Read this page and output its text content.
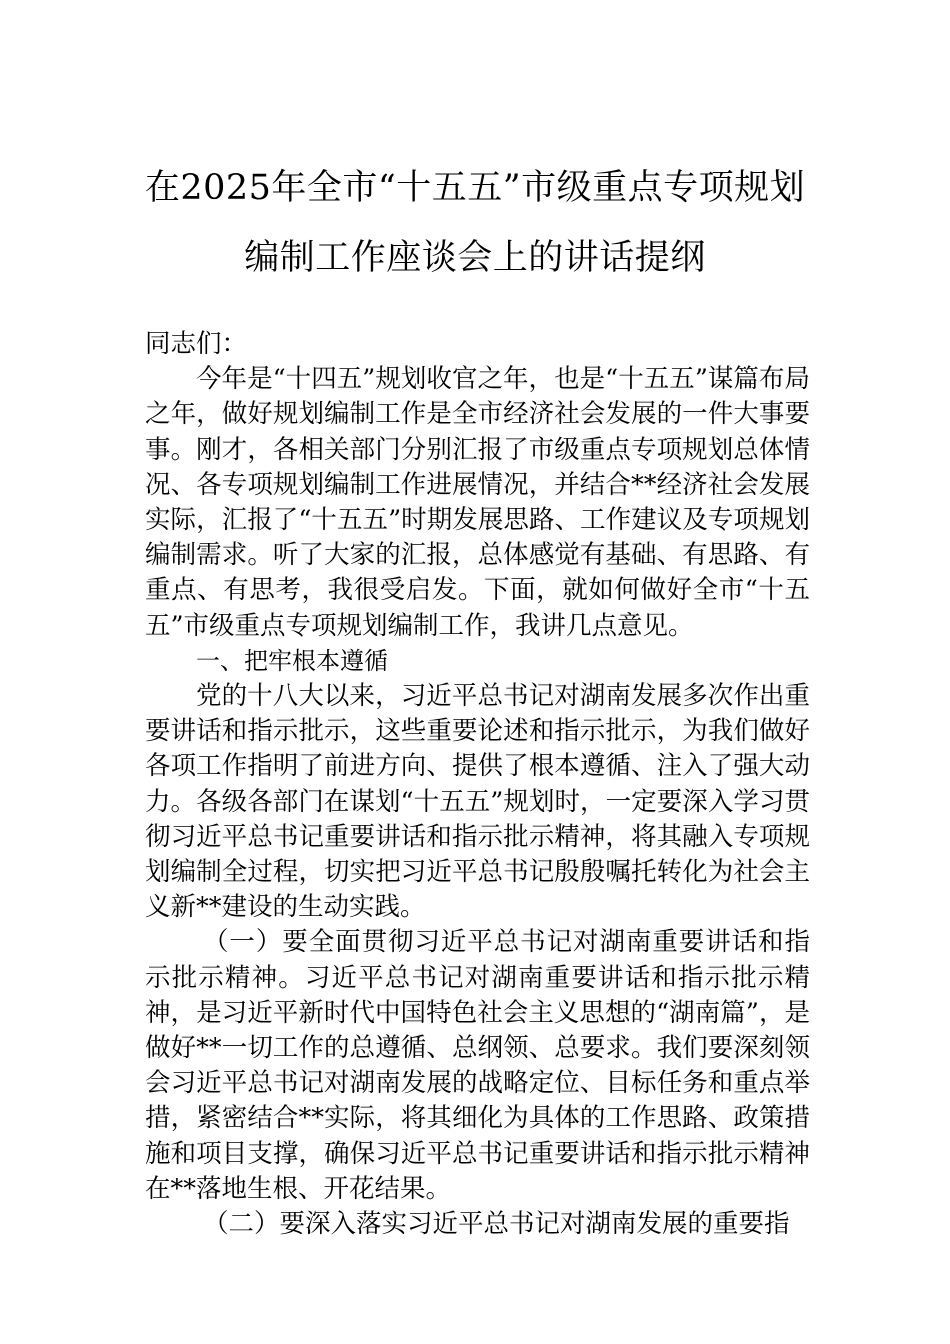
在2025年全市“十五五”市级重点专项规划
编制工作座谈会上的讲话提纲

同志们：

今年是“十四五”规划收官之年，也是“十五五”谋篇布局之年，做好规划编制工作是全市经济社会发展的一件大事要事。刚才，各相关部门分别汇报了市级重点专项规划总体情况、各专项规划编制工作进展情况，并结合**经济社会发展实际，汇报了“十五五”时期发展思路、工作建议及专项规划编制需求。听了大家的汇报，总体感觉有基础、有思路、有重点、有思考，我很受启发。下面，就如何做好全市“十五五”市级重点专项规划编制工作，我讲几点意见。

一、把牢根本遵循

党的十八大以来，习近平总书记对湖南发展多次作出重要讲话和指示批示，这些重要论述和指示批示，为我们做好各项工作指明了前进方向、提供了根本遵循、注入了强大动力。各级各部门在谋划“十五五”规划时，一定要深入学习贯彻习近平总书记重要讲话和指示批示精神，将其融入专项规划编制全过程，切实把习近平总书记殷殷嘱托转化为社会主义新**建设的生动实践。

（一）要全面贯彻习近平总书记对湖南重要讲话和指示批示精神。习近平总书记对湖南重要讲话和指示批示精神，是习近平新时代中国特色社会主义思想的“湖南篇”，是做好**一切工作的总遵循、总纲领、总要求。我们要深刻领会习近平总书记对湖南发展的战略定位、目标任务和重点举措，紧密结合**实际，将其细化为具体的工作思路、政策措施和项目支撑，确保习近平总书记重要讲话和指示批示精神在**落地生根、开花结果。

（二）要深入落实习近平总书记对湖南发展的重要指
